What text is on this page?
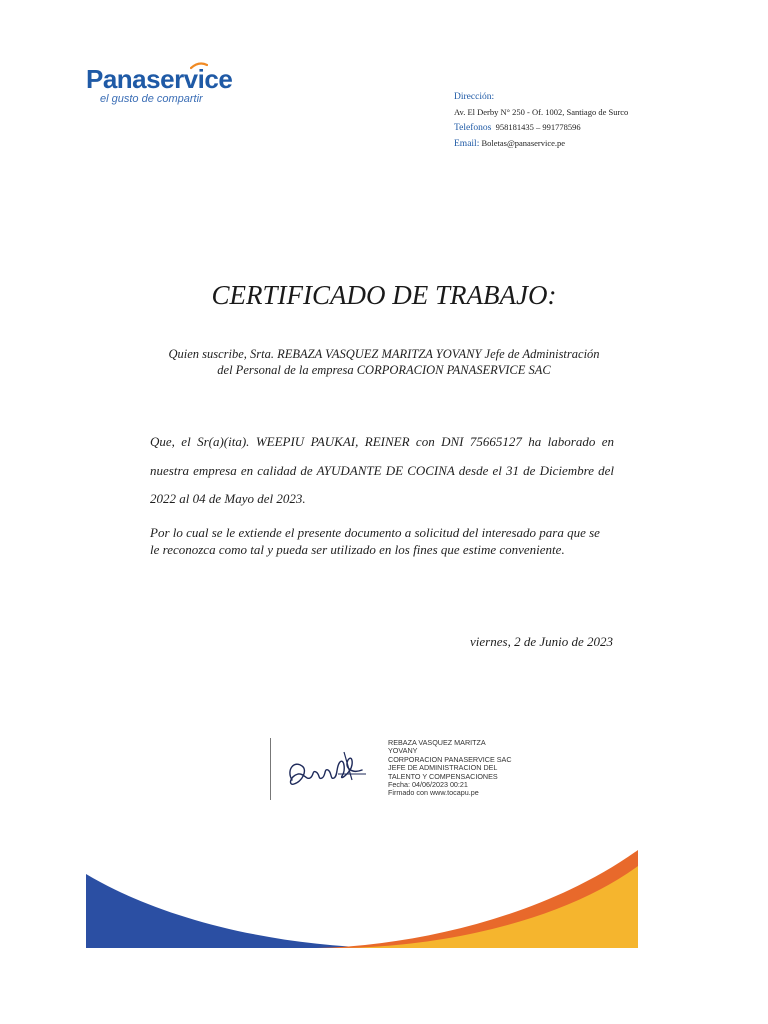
Panaservice
el gusto de compartir	Dirección:
Av. El Derby N° 250 - Of. 1002, Santiago de Surco
Telefonos 958181435 – 991778596
Email: Boletas@panaservice.pe
CERTIFICADO DE TRABAJO:
Quien suscribe, Srta. REBAZA VASQUEZ MARITZA YOVANY Jefe de Administración
del Personal de la empresa CORPORACION PANASERVICE SAC
Que, el Sr(a)(ita). WEEPIU PAUKAI, REINER con DNI 75665127 ha laborado en nuestra empresa en calidad de AYUDANTE DE COCINA desde el 31 de Diciembre del 2022 al 04 de Mayo del 2023.
Por lo cual se le extiende el presente documento a solicitud del interesado para que se le reconozca como tal y pueda ser utilizado en los fines que estime conveniente.
viernes, 2 de Junio de 2023
REBAZA VASQUEZ MARITZA
YOVANY
CORPORACION PANASERVICE SAC
JEFE DE ADMINISTRACION DEL
TALENTO Y COMPENSACIONES
Fecha: 04/06/2023 00:21
Firmado con www.tocapu.pe
